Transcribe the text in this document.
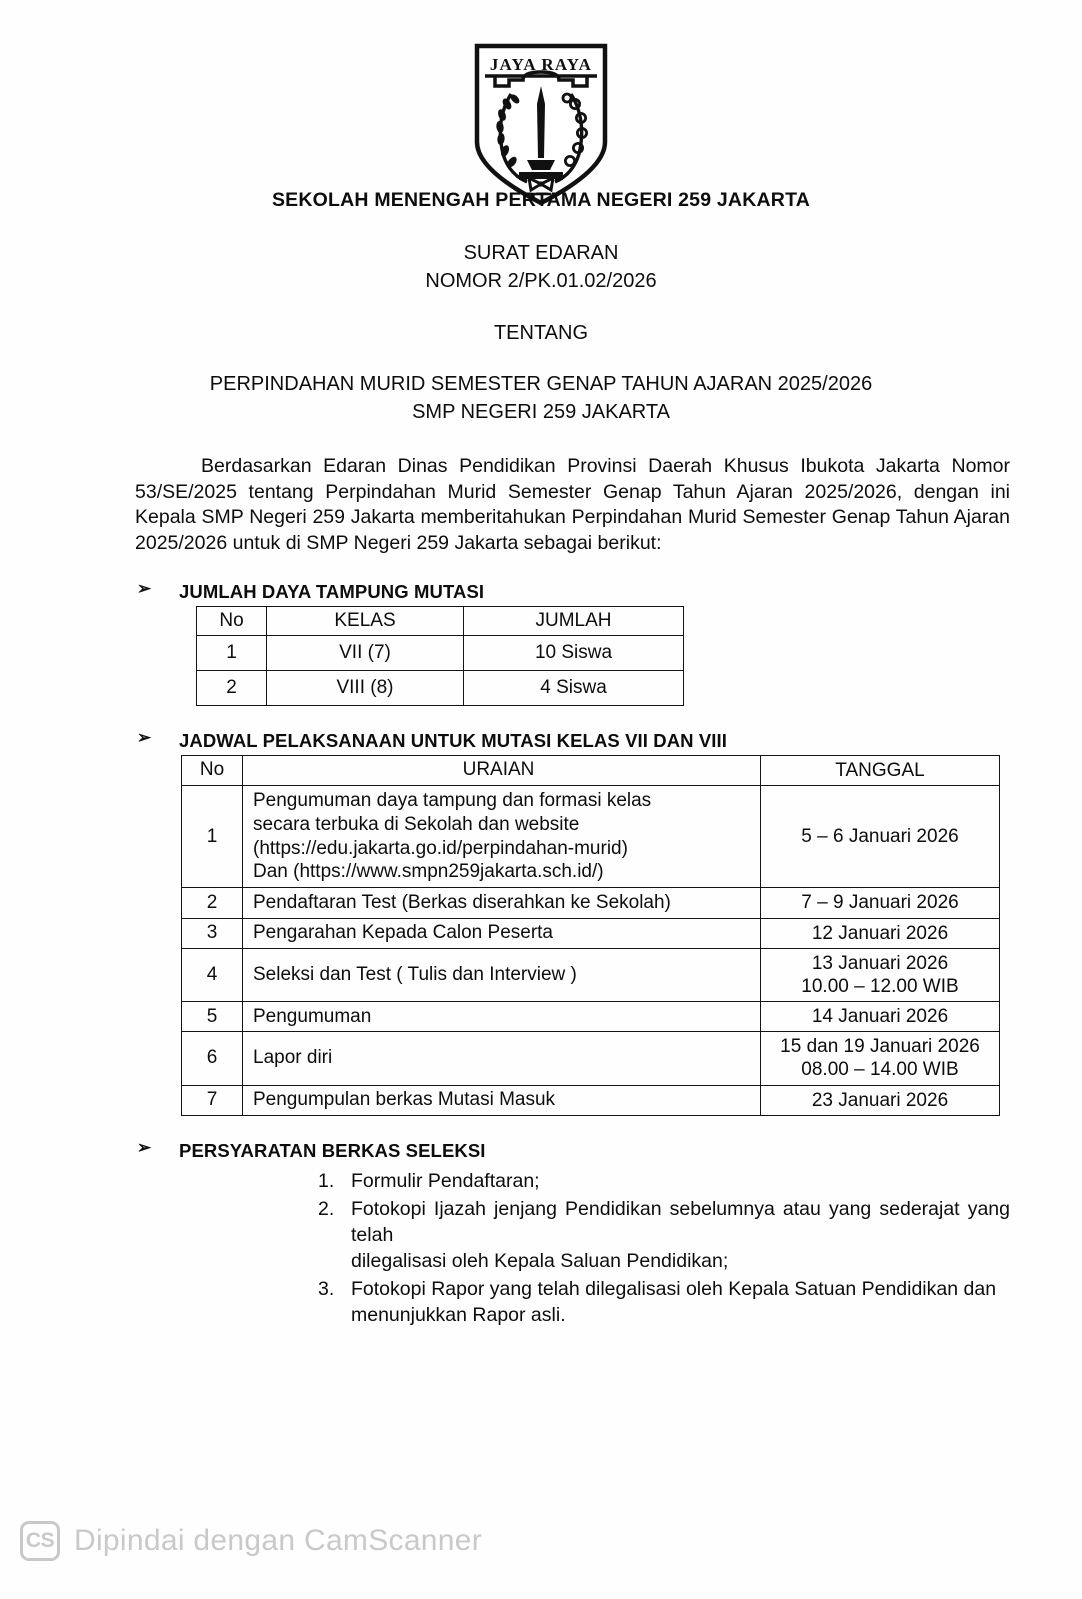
JAYA RAYA
SEKOLAH MENENGAH PERTAMA NEGERI 259 JAKARTA
SURAT EDARAN
NOMOR 2/PK.01.02/2026
TENTANG
PERPINDAHAN MURID SEMESTER GENAP TAHUN AJARAN 2025/2026
SMP NEGERI 259 JAKARTA
Berdasarkan Edaran Dinas Pendidikan Provinsi Daerah Khusus Ibukota Jakarta Nomor 53/SE/2025 tentang Perpindahan Murid Semester Genap Tahun Ajaran 2025/2026, dengan ini Kepala SMP Negeri 259 Jakarta memberitahukan Perpindahan Murid Semester Genap Tahun Ajaran 2025/2026 untuk di SMP Negeri 259 Jakarta sebagai berikut:
➢ JUMLAH DAYA TAMPUNG MUTASI
No	KELAS	JUMLAH
1	VII (7)	10 Siswa
2	VIII (8)	4 Siswa
➢ JADWAL PELAKSANAAN UNTUK MUTASI KELAS VII DAN VIII
No	URAIAN	TANGGAL
1	Pengumuman daya tampung dan formasi kelas
secara terbuka di Sekolah dan website
(https://edu.jakarta.go.id/perpindahan-murid)
Dan (https://www.smpn259jakarta.sch.id/)	5 – 6 Januari 2026

2	Pendaftaran Test (Berkas diserahkan ke Sekolah)	7 – 9 Januari 2026

3	Pengarahan Kepada Calon Peserta	12 Januari 2026

4	Seleksi dan Test ( Tulis dan Interview )	13 Januari 2026
10.00 – 12.00 WIB

5	Pengumuman	14 Januari 2026

6	Lapor diri	15 dan 19 Januari 2026
08.00 – 14.00 WIB

7	Pengumpulan berkas Mutasi Masuk	23 Januari 2026
➢ PERSYARATAN BERKAS SELEKSI
1. Formulir Pendaftaran;
2. Fotokopi Ijazah jenjang Pendidikan sebelumnya atau yang sederajat yang telah
dilegalisasi oleh Kepala Saluan Pendidikan;
3. Fotokopi Rapor yang telah dilegalisasi oleh Kepala Satuan Pendidikan dan
menunjukkan Rapor asli.
CS Dipindai dengan CamScanner
